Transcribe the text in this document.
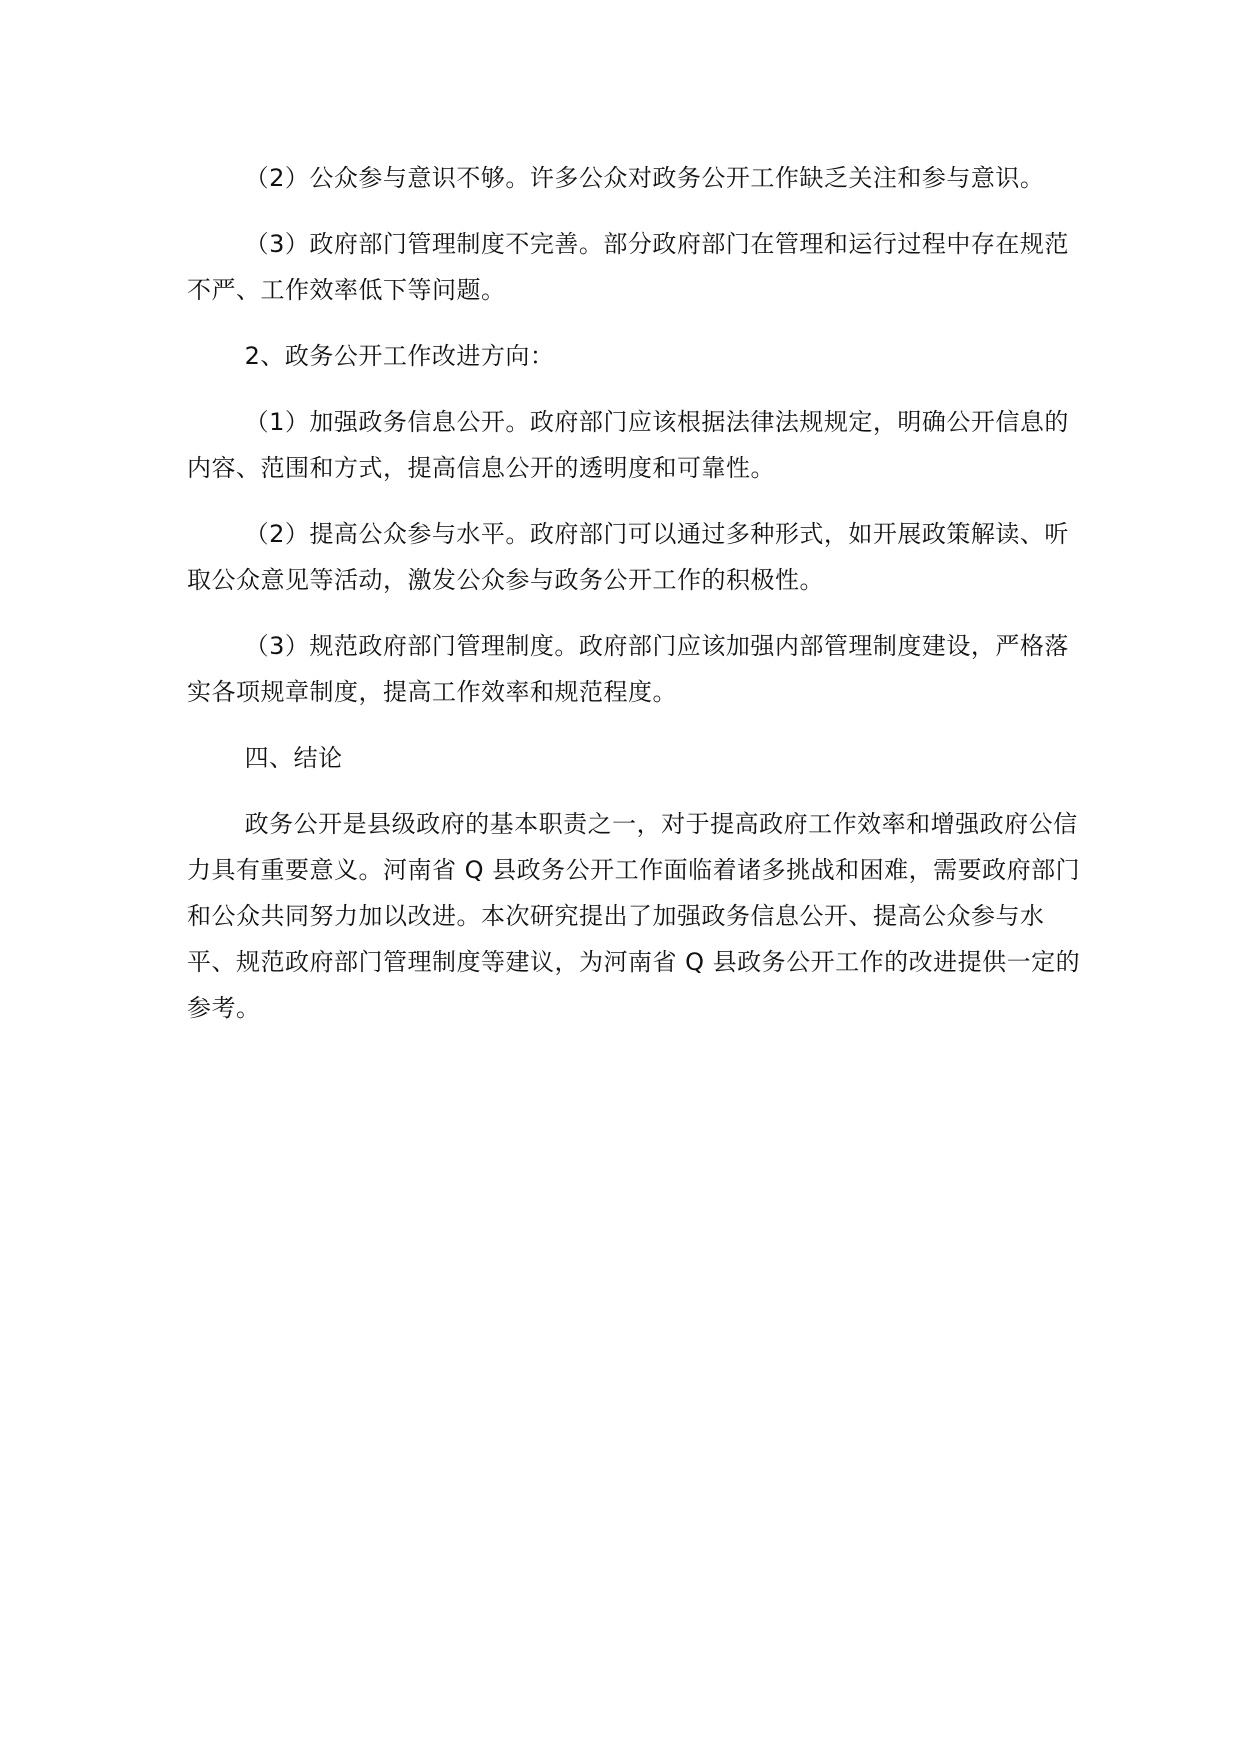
（2）公众参与意识不够。许多公众对政务公开工作缺乏关注和参与意识。

（3）政府部门管理制度不完善。部分政府部门在管理和运行过程中存在规范不严、工作效率低下等问题。

2、政务公开工作改进方向：

（1）加强政务信息公开。政府部门应该根据法律法规规定，明确公开信息的内容、范围和方式，提高信息公开的透明度和可靠性。

（2）提高公众参与水平。政府部门可以通过多种形式，如开展政策解读、听取公众意见等活动，激发公众参与政务公开工作的积极性。

（3）规范政府部门管理制度。政府部门应该加强内部管理制度建设，严格落实各项规章制度，提高工作效率和规范程度。

四、结论

政务公开是县级政府的基本职责之一，对于提高政府工作效率和增强政府公信力具有重要意义。河南省 Q 县政务公开工作面临着诸多挑战和困难，需要政府部门和公众共同努力加以改进。本次研究提出了加强政务信息公开、提高公众参与水平、规范政府部门管理制度等建议，为河南省 Q 县政务公开工作的改进提供一定的参考。
